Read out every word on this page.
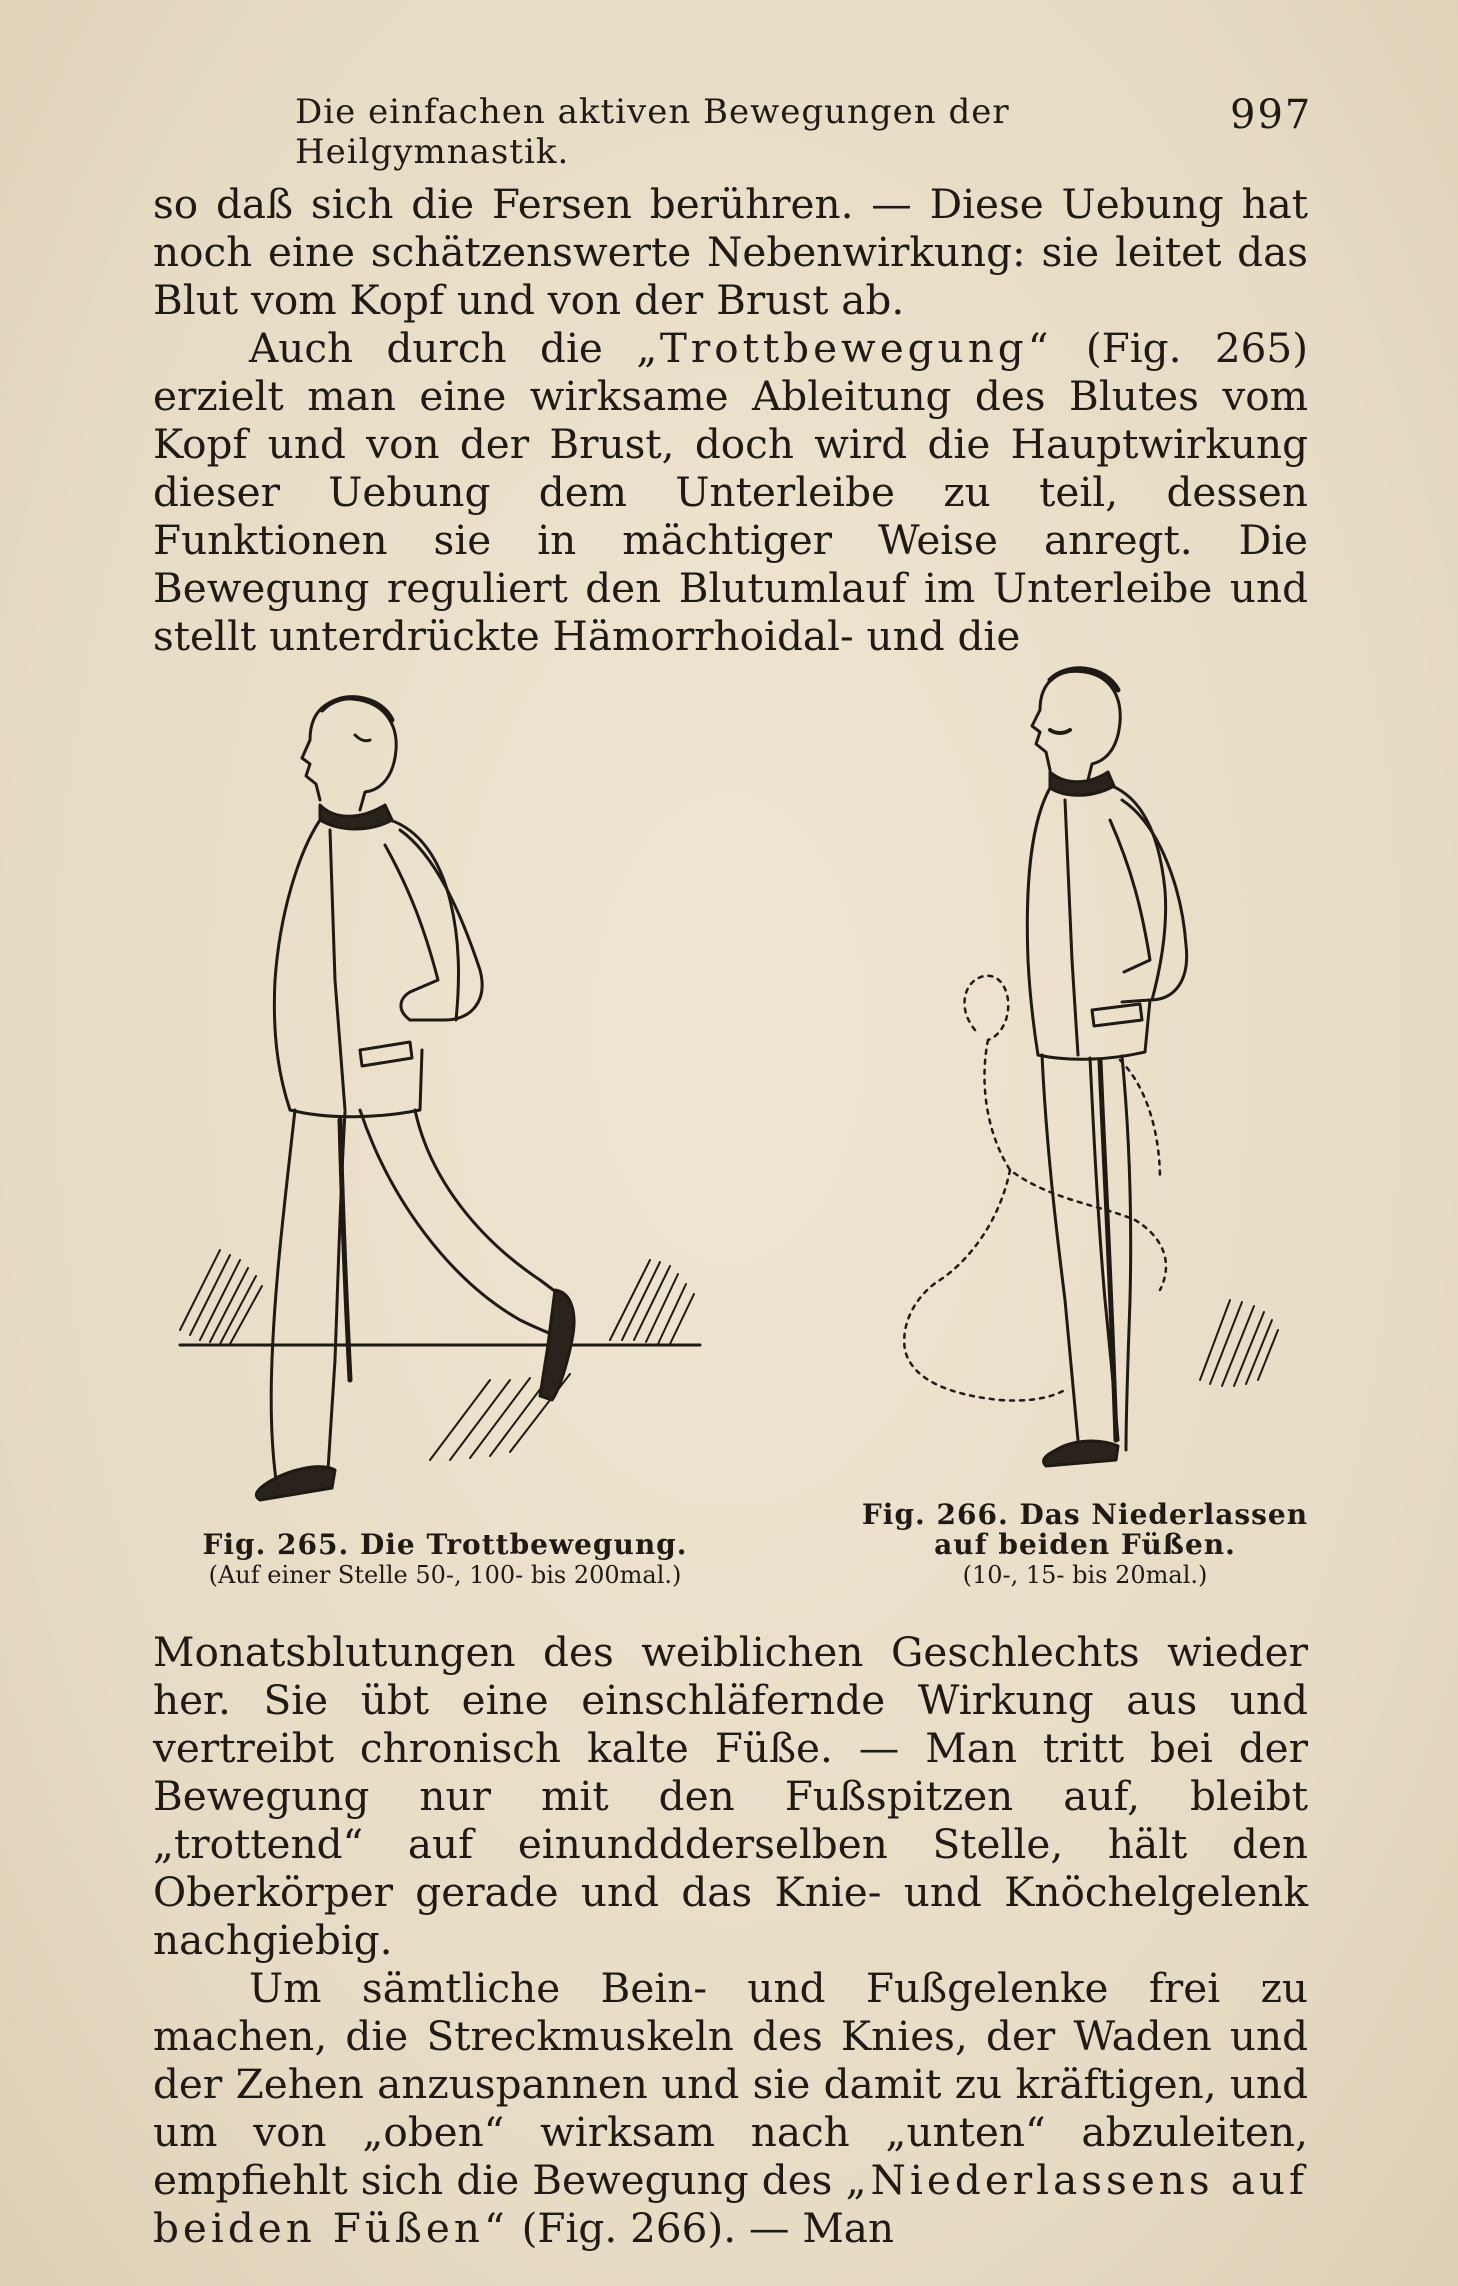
Die einfachen aktiven Bewegungen der Heilgymnastik.
997

so daß sich die Fersen berühren. — Diese Uebung hat noch eine schätzenswerte Nebenwirkung: sie leitet das Blut vom Kopf und von der Brust ab.

Auch durch die „Trottbewegung“ (Fig. 265) erzielt man eine wirksame Ableitung des Blutes vom Kopf und von der Brust, doch wird die Hauptwirkung dieser Uebung dem Unterleibe zu teil, dessen Funktionen sie in mächtiger Weise anregt. Die Bewegung reguliert den Blutumlauf im Unterleibe und stellt unterdrückte Hämorrhoidal- und die

Fig. 265. Die Trottbewegung.
(Auf einer Stelle 50-, 100- bis 200mal.)
Fig. 266. Das Niederlassen
auf beiden Füßen.
(10-, 15- bis 20mal.)

Monatsblutungen des weiblichen Geschlechts wieder her. Sie übt eine einschläfernde Wirkung aus und vertreibt chronisch kalte Füße. — Man tritt bei der Bewegung nur mit den Fußspitzen auf, bleibt „trottend“ auf einunddderselben Stelle, hält den Oberkörper gerade und das Knie- und Knöchelgelenk nachgiebig.

Um sämtliche Bein- und Fußgelenke frei zu machen, die Streckmuskeln des Knies, der Waden und der Zehen anzuspannen und sie damit zu kräftigen, und um von „oben“ wirksam nach „unten“ abzuleiten, empfiehlt sich die Bewegung des „Niederlassens auf beiden Füßen“ (Fig. 266). — Man
